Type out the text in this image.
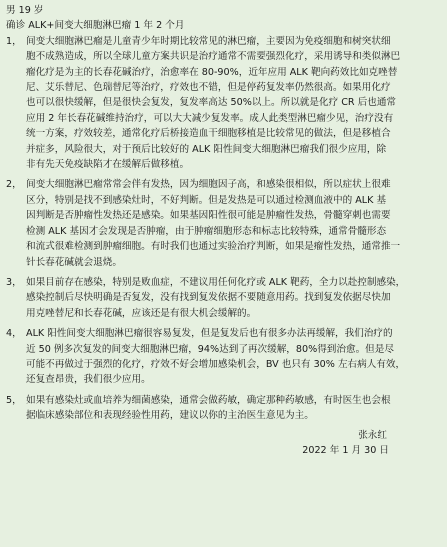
男 19 岁
确诊 ALK+间变大细胞淋巴瘤 1 年 2 个月
1， 间变大细胞淋巴瘤是儿童青少年时期比较常见的淋巴瘤，主要因为免疫细胞和树突状细
胞不成熟造成，所以全球儿童方案共识是治疗通常不需要强烈化疗，采用诱导和类似淋巴
瘤化疗是为主的长春花碱治疗，治愈率在 80-90%，近年应用 ALK 靶向药效比如克唑替
尼、艾乐替尼、色瑞替尼等治疗，疗效也不错，但是停药复发率仍然很高。如果用化疗
也可以很快缓解，但是很快会复发，复发率高达 50%以上。所以就是化疗 CR 后也通常
应用 2 年长春花碱维持治疗，可以大大减少复发率。成人此类型淋巴瘤少见，治疗没有
统一方案，疗效较差，通常化疗后桥接造血干细胞移植是比较常见的做法，但是移植合
并症多，风险很大，对于预后比较好的 ALK 阳性间变大细胞淋巴瘤我们很少应用，除
非有先天免疫缺陷才在缓解后做移植。
2， 间变大细胞淋巴瘤常常会伴有发热，因为细胞因子高，和感染很相似，所以症状上很难
区分，特别是找不到感染灶时，不好判断。但是发热是可以通过检测血液中的 ALK 基
因判断是否肿瘤性发热还是感染。如果基因阳性很可能是肿瘤性发热，骨髓穿刺也需要
检测 ALK 基因才会发现是否肿瘤，由于肿瘤细胞形态和标志比较特殊，通常骨髓形态
和流式很难检测到肿瘤细胞。有时我们也通过实验治疗判断，如果是瘤性发热，通常推一
针长春花碱就会退烧。
3， 如果目前存在感染，特别是败血症，不建议用任何化疗或 ALK 靶药，全力以赴控制感染，
感染控制后尽快明确是否复发，没有找到复发依据不要随意用药。找到复发依据尽快加
用克唑替尼和长春花碱，应该还是有很大机会缓解的。
4， ALK 阳性间变大细胞淋巴瘤很容易复发，但是复发后也有很多办法再缓解，我们治疗的
近 50 例多次复发的间变大细胞淋巴瘤，94%达到了再次缓解，80%得到治愈。但是尽
可能不再做过于强烈的化疗，疗效不好会增加感染机会，BV 也只有 30% 左右病人有效，
还复查昂贵，我们很少应用。
5， 如果有感染灶或血培养为细菌感染，通常会做药敏，确定那种药敏感，有时医生也会根
据临床感染部位和表现经验性用药，建议以你的主治医生意见为主。
张永红
2022 年 1 月 30 日
